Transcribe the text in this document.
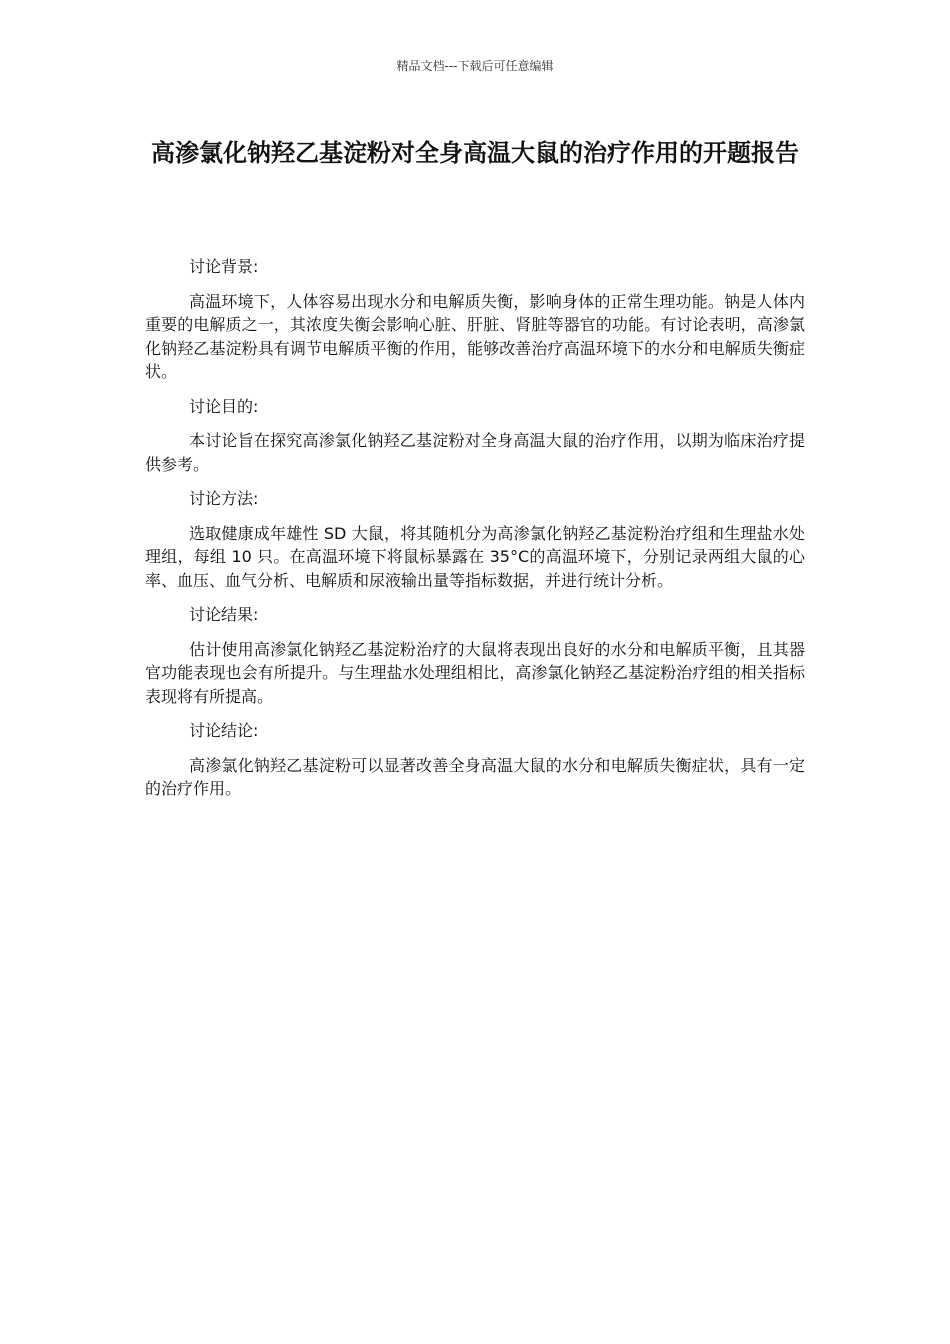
精品文档---下载后可任意编辑
高渗氯化钠羟乙基淀粉对全身高温大鼠的治疗作用的开题报告

讨论背景:

高温环境下，人体容易出现水分和电解质失衡，影响身体的正常生理功能。钠是人体内重要的电解质之一，其浓度失衡会影响心脏、肝脏、肾脏等器官的功能。有讨论表明，高渗氯化钠羟乙基淀粉具有调节电解质平衡的作用，能够改善治疗高温环境下的水分和电解质失衡症状。

讨论目的:

本讨论旨在探究高渗氯化钠羟乙基淀粉对全身高温大鼠的治疗作用，以期为临床治疗提供参考。

讨论方法:

选取健康成年雄性 SD 大鼠，将其随机分为高渗氯化钠羟乙基淀粉治疗组和生理盐水处理组，每组 10 只。在高温环境下将鼠标暴露在 35°C的高温环境下，分别记录两组大鼠的心率、血压、血气分析、电解质和尿液输出量等指标数据，并进行统计分析。

讨论结果:

估计使用高渗氯化钠羟乙基淀粉治疗的大鼠将表现出良好的水分和电解质平衡，且其器官功能表现也会有所提升。与生理盐水处理组相比，高渗氯化钠羟乙基淀粉治疗组的相关指标表现将有所提高。

讨论结论:

高渗氯化钠羟乙基淀粉可以显著改善全身高温大鼠的水分和电解质失衡症状，具有一定的治疗作用。
